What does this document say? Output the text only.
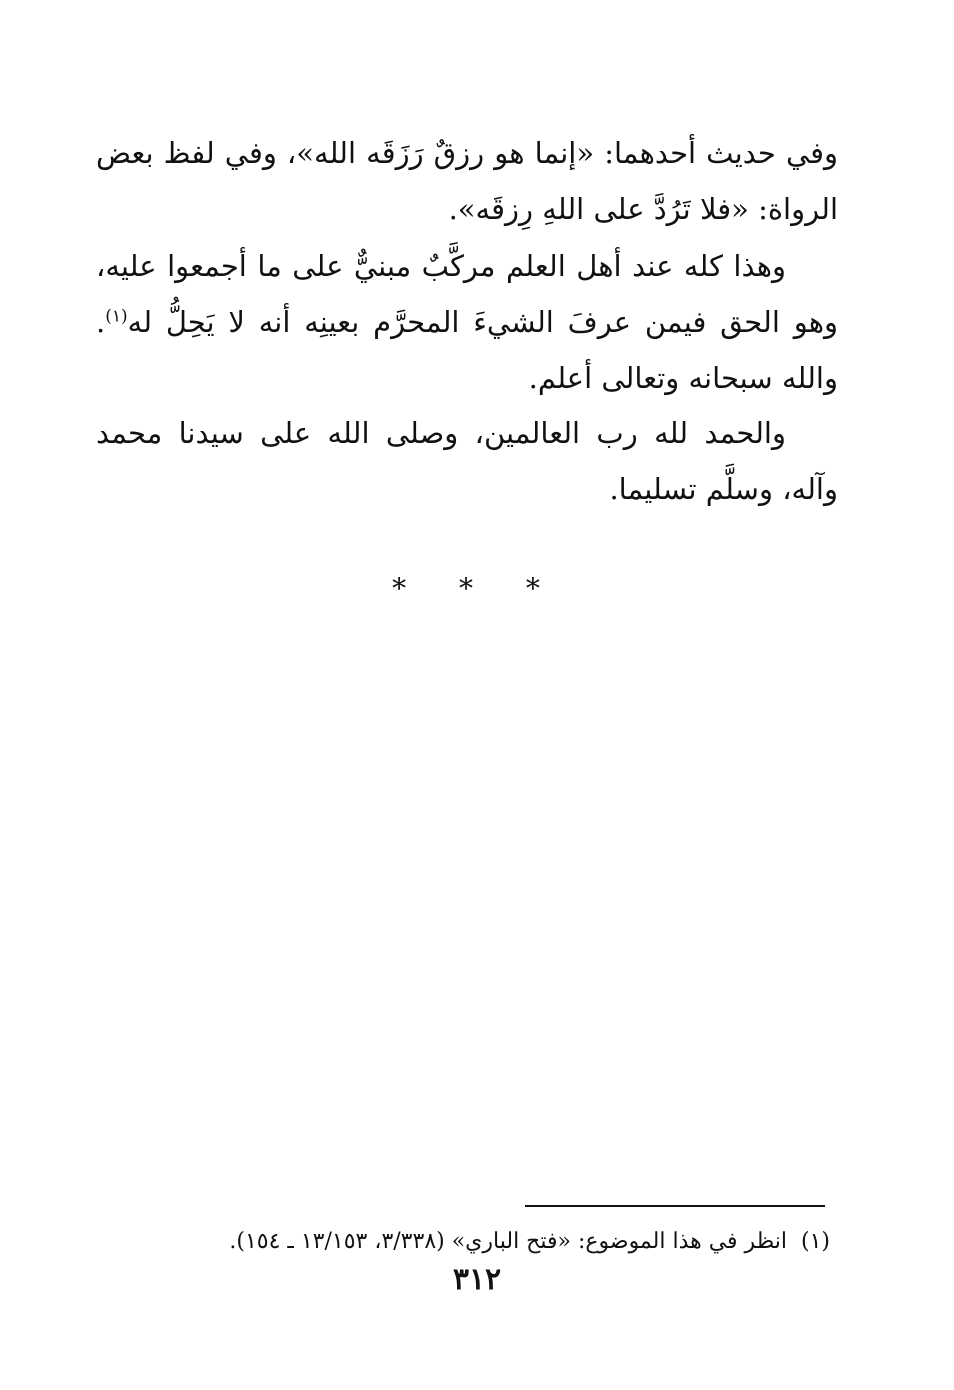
وفي حديث أحدهما: «إنما هو رزقٌ رَزَقَه الله»، وفي لفظ بعض الرواة: «فلا تَرُدَّ على اللهِ رِزقَه».

وهذا كله عند أهل العلم مركَّبٌ مبنيٌّ على ما أجمعوا عليه، وهو الحق فيمن عرفَ الشيءَ المحرَّم بعينِه أنه لا يَحِلُّ له$^{(١)}$. والله سبحانه وتعالى أعلم.

والحمد لله رب العالمين، وصلى الله على سيدنا محمد وآله، وسلَّم تسليما.

* * *
(١)انظر في هذا الموضوع: «فتح الباري» (٣/٣٣٨، ١٣/١٥٣ ـ ١٥٤).
٣١٢
